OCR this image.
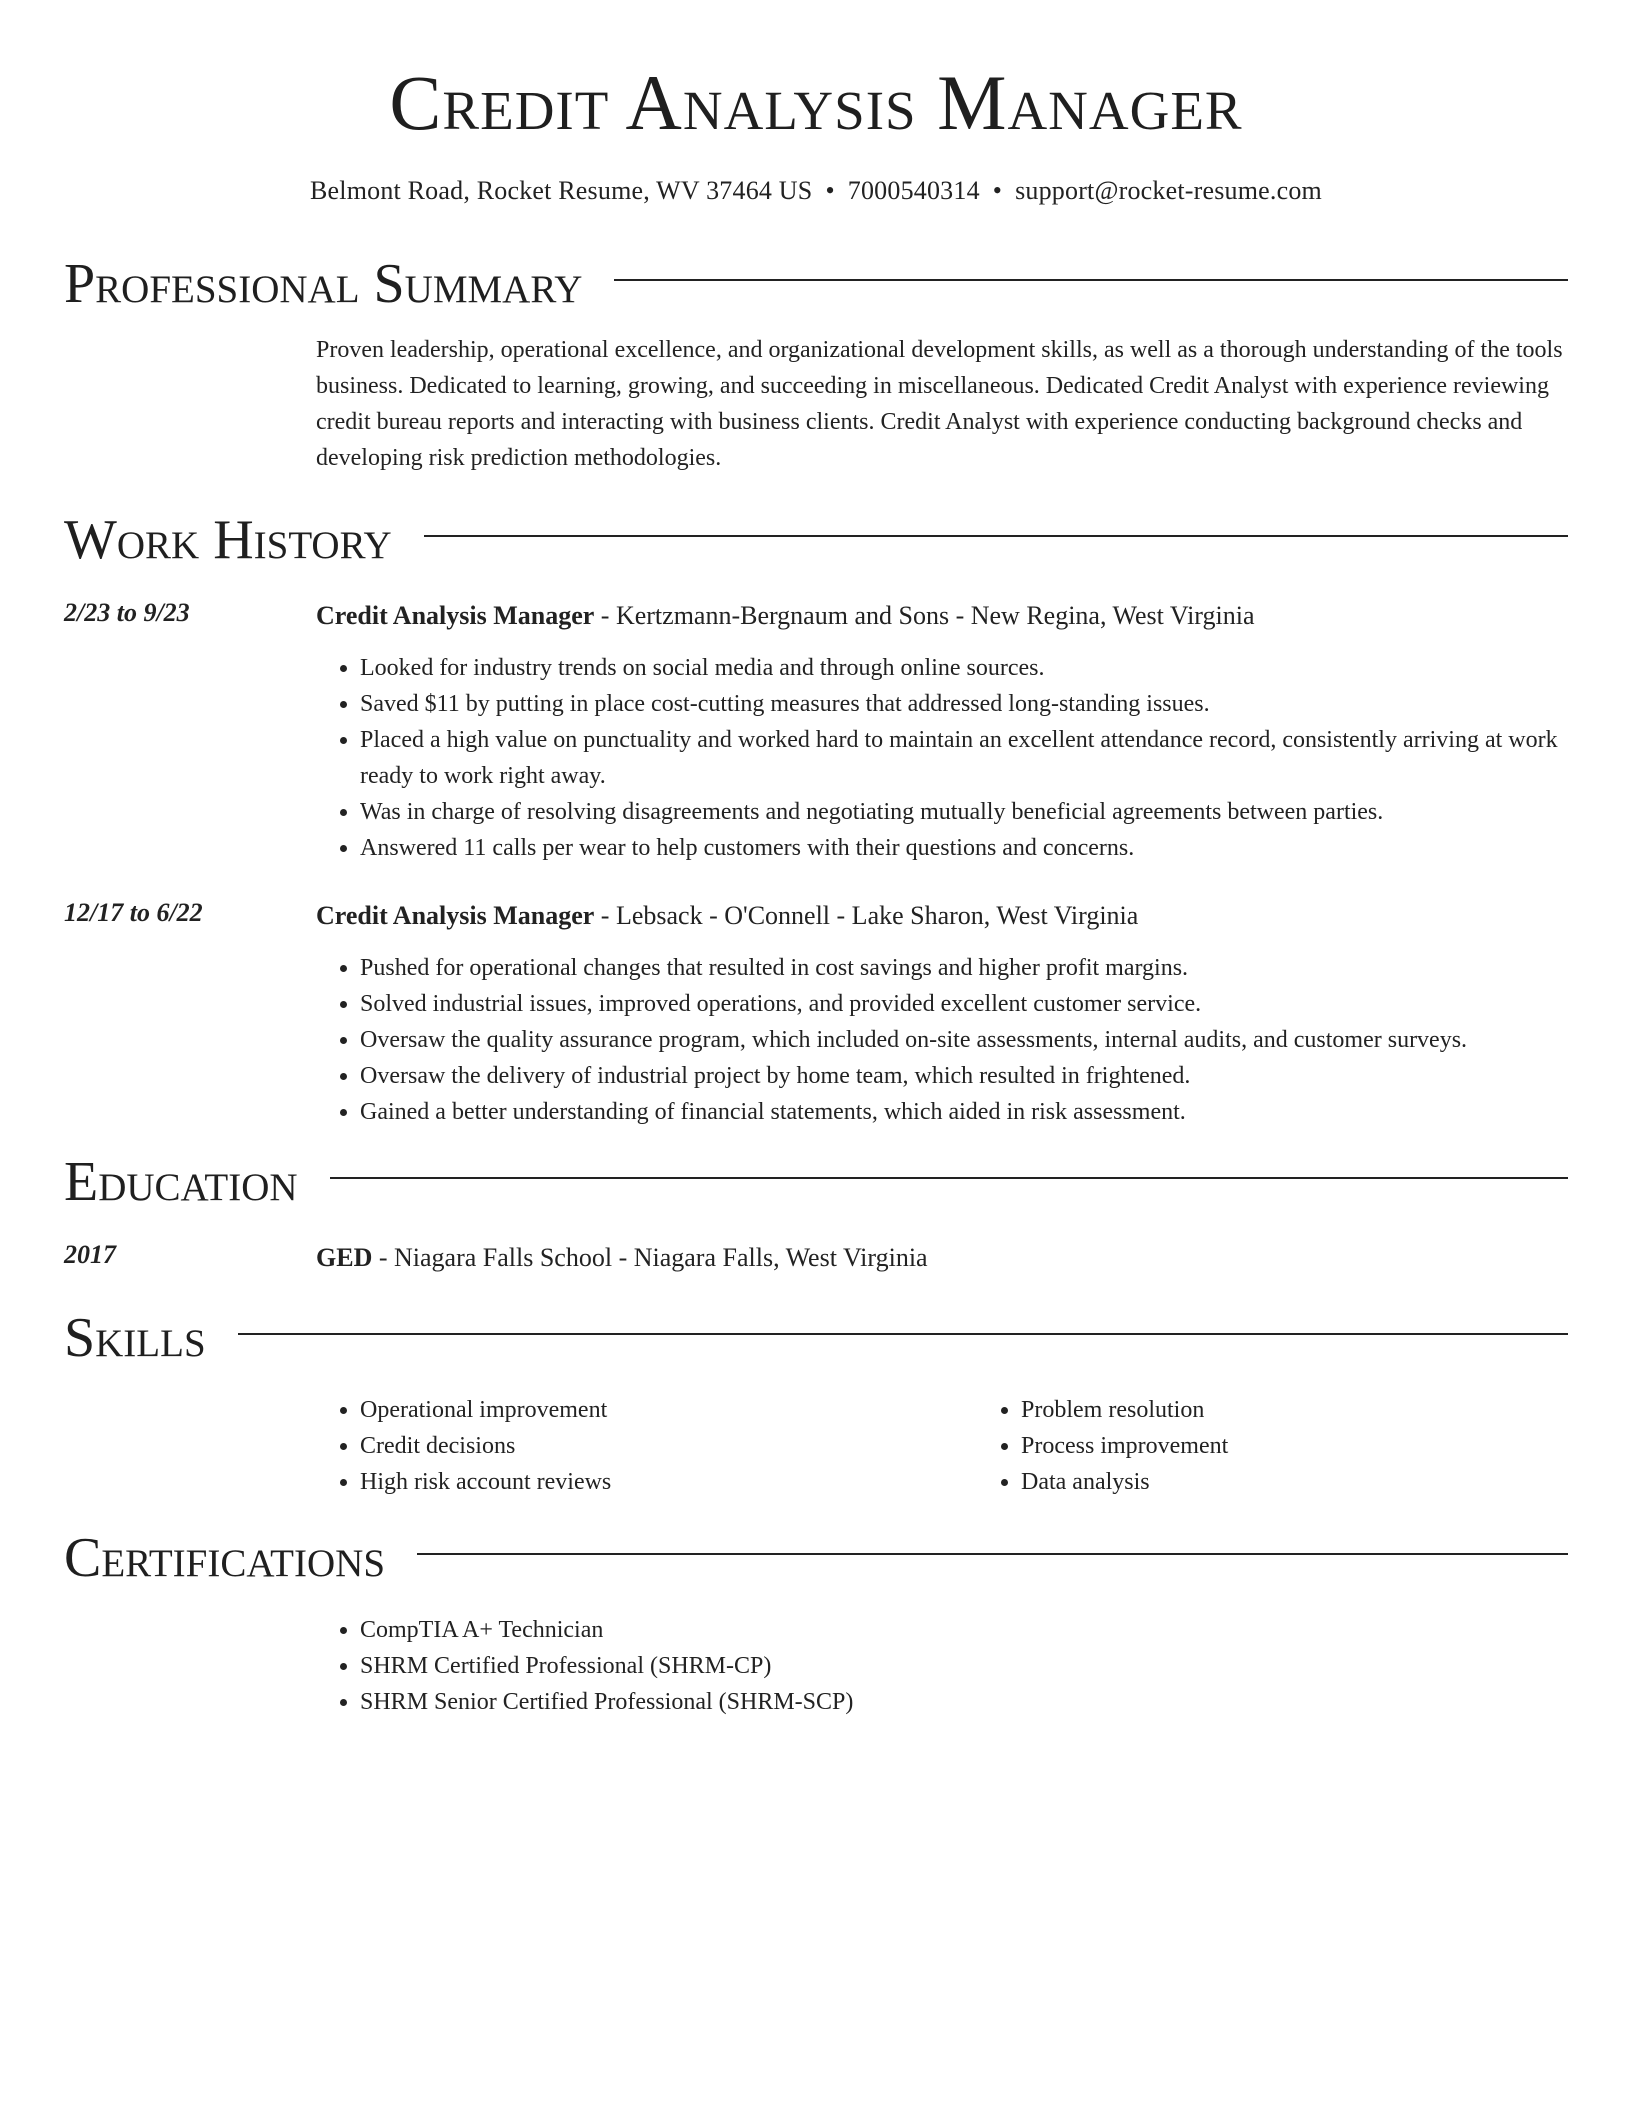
Credit Analysis Manager
Belmont Road, Rocket Resume, WV 37464 US • 7000540314 • support@rocket-resume.com
Professional Summary

Proven leadership, operational excellence, and organizational development skills, as well as a thorough understanding of the tools business. Dedicated to learning, growing, and succeeding in miscellaneous. Dedicated Credit Analyst with experience reviewing credit bureau reports and interacting with business clients. Credit Analyst with experience conducting background checks and developing risk prediction methodologies.

Work History
2/23 to 9/23	Credit Analysis Manager - Kertzmann-Bergnaum and Sons - New Regina, West Virginia
• Looked for industry trends on social media and through online sources.
• Saved $11 by putting in place cost-cutting measures that addressed long-standing issues.
• Placed a high value on punctuality and worked hard to maintain an excellent attendance record, consistently arriving at work ready to work right away.
• Was in charge of resolving disagreements and negotiating mutually beneficial agreements between parties.
• Answered 11 calls per wear to help customers with their questions and concerns.
12/17 to 6/22	Credit Analysis Manager - Lebsack - O'Connell - Lake Sharon, West Virginia
• Pushed for operational changes that resulted in cost savings and higher profit margins.
• Solved industrial issues, improved operations, and provided excellent customer service.
• Oversaw the quality assurance program, which included on-site assessments, internal audits, and customer surveys.
• Oversaw the delivery of industrial project by home team, which resulted in frightened.
• Gained a better understanding of financial statements, which aided in risk assessment.
Education
2017	GED - Niagara Falls School - Niagara Falls, West Virginia
Skills
• Operational improvement
• Credit decisions
• High risk account reviews
• Problem resolution
• Process improvement
• Data analysis
Certifications
• CompTIA A+ Technician
• SHRM Certified Professional (SHRM-CP)
• SHRM Senior Certified Professional (SHRM-SCP)
